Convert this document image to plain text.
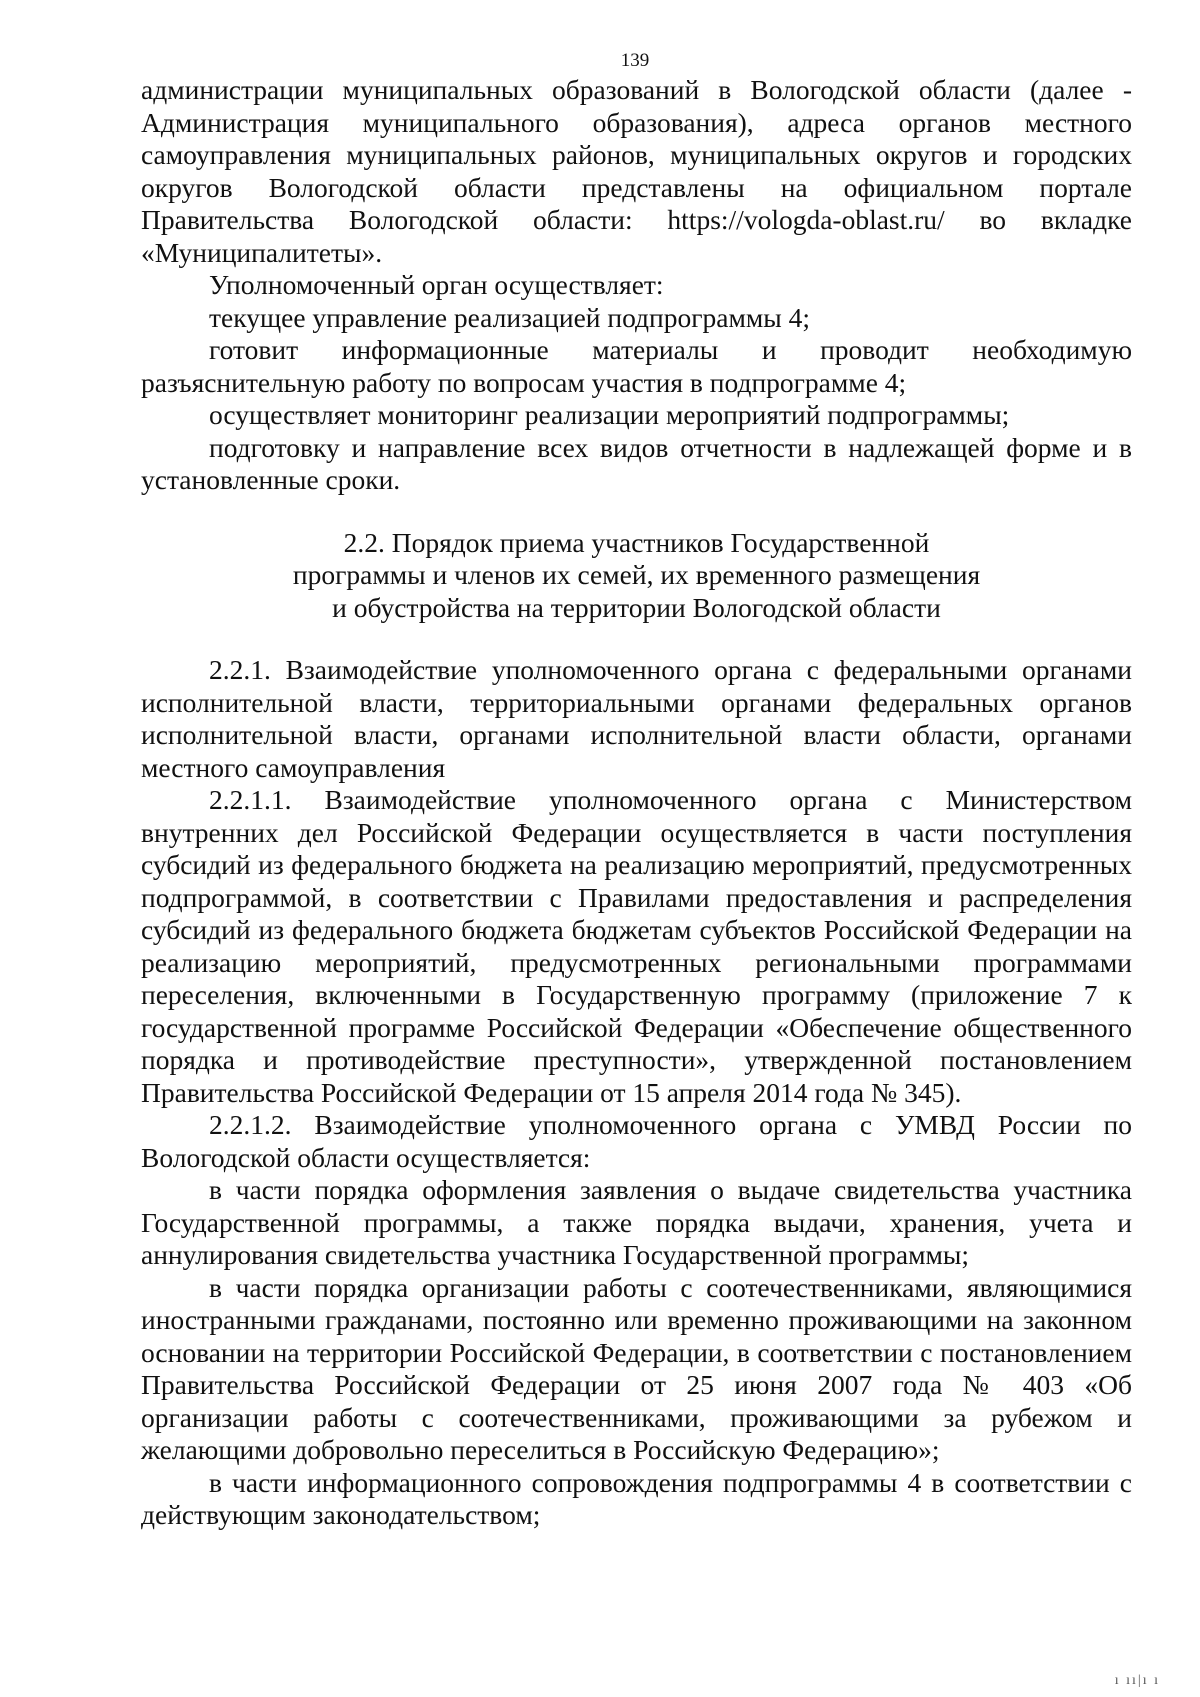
139

администрации муниципальных образований в Вологодской области (далее - Администрация муниципального образования), адреса органов местного самоуправления муниципальных районов, муниципальных округов и городских округов Вологодской области представлены на официальном портале Правительства Вологодской области: https://vologda-oblast.ru/ во вкладке «Муниципалитеты».

Уполномоченный орган осуществляет:

текущее управление реализацией подпрограммы 4;

готовит информационные материалы и проводит необходимую разъяснительную работу по вопросам участия в подпрограмме 4;

осуществляет мониторинг реализации мероприятий подпрограммы;

подготовку и направление всех видов отчетности в надлежащей форме и в установленные сроки.

2.2. Порядок приема участников Государственной
программы и членов их семей, их временного размещения
и обустройства на территории Вологодской области

2.2.1. Взаимодействие уполномоченного органа с федеральными органами исполнительной власти, территориальными органами федеральных органов исполнительной власти, органами исполнительной власти области, органами местного самоуправления

2.2.1.1. Взаимодействие уполномоченного органа с Министерством внутренних дел Российской Федерации осуществляется в части поступления субсидий из федерального бюджета на реализацию мероприятий, предусмотренных подпрограммой, в соответствии с Правилами предоставления и распределения субсидий из федерального бюджета бюджетам субъектов Российской Федерации на реализацию мероприятий, предусмотренных региональными программами переселения, включенными в Государственную программу (приложение 7 к государственной программе Российской Федерации «Обеспечение общественного порядка и противодействие преступности», утвержденной постановлением Правительства Российской Федерации от 15 апреля 2014 года № 345).

2.2.1.2. Взаимодействие уполномоченного органа с УМВД России по Вологодской области осуществляется:

в части порядка оформления заявления о выдаче свидетельства участника Государственной программы, а также порядка выдачи, хранения, учета и аннулирования свидетельства участника Государственной программы;

в части порядка организации работы с соотечественниками, являющимися иностранными гражданами, постоянно или временно проживающими на законном основании на территории Российской Федерации, в соответствии с постановлением Правительства Российской Федерации от 25 июня 2007 года № 403 «Об организации работы с соотечественниками, проживающими за рубежом и желающими добровольно переселиться в Российскую Федерацию»;

в части информационного сопровождения подпрограммы 4 в соответствии с действующим законодательством;

ı ıı|ı ı
